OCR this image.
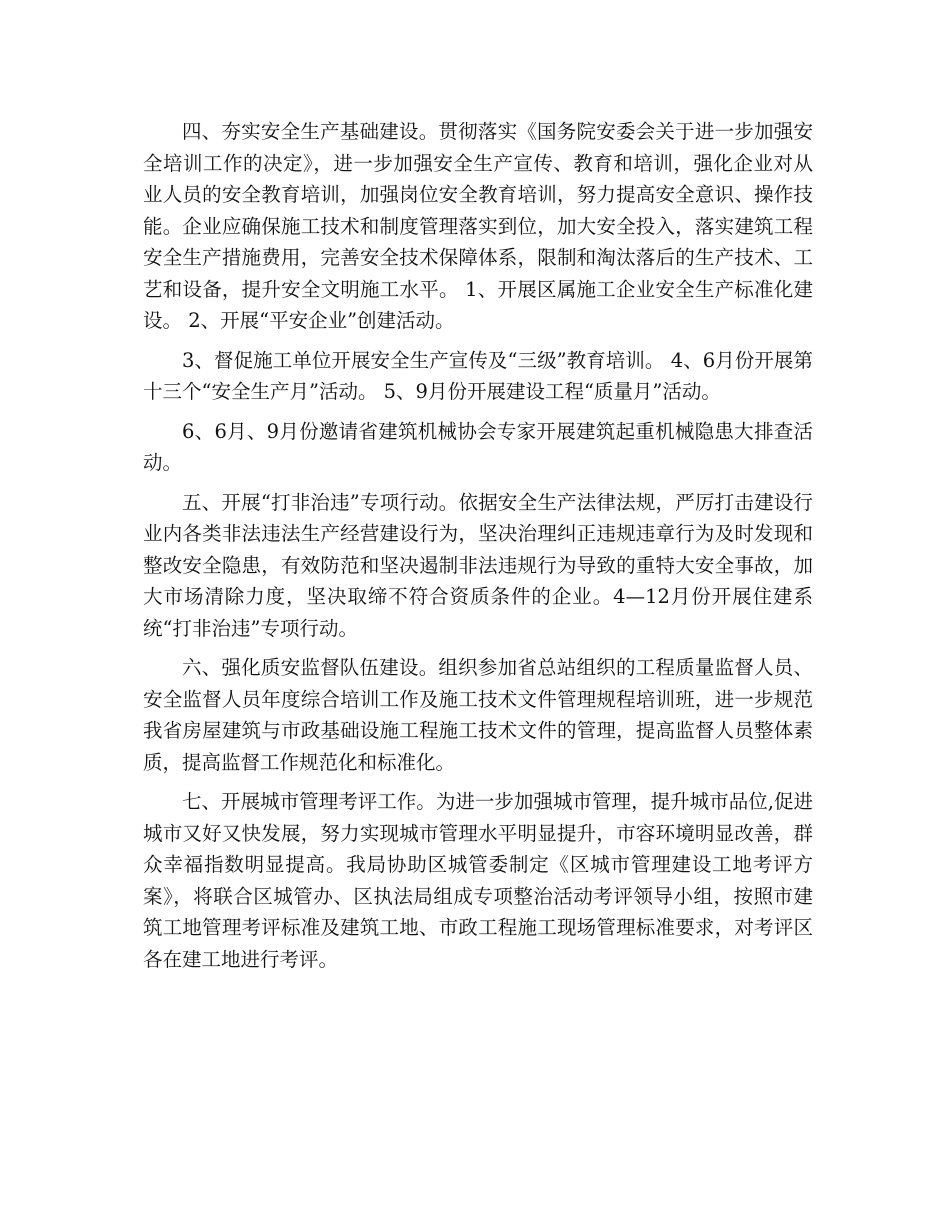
四、夯实安全生产基础建设。贯彻落实《国务院安委会关于进一步加强安全培训工作的决定》，进一步加强安全生产宣传、教育和培训，强化企业对从业人员的安全教育培训，加强岗位安全教育培训，努力提高安全意识、操作技能。企业应确保施工技术和制度管理落实到位，加大安全投入，落实建筑工程安全生产措施费用，完善安全技术保障体系，限制和淘汰落后的生产技术、工艺和设备，提升安全文明施工水平。 1、开展区属施工企业安全生产标准化建设。 2、开展“平安企业”创建活动。

3、督促施工单位开展安全生产宣传及“三级”教育培训。 4、6月份开展第十三个“安全生产月”活动。 5、9月份开展建设工程“质量月”活动。

6、6月、9月份邀请省建筑机械协会专家开展建筑起重机械隐患大排查活动。

五、开展“打非治违”专项行动。依据安全生产法律法规，严厉打击建设行业内各类非法违法生产经营建设行为，坚决治理纠正违规违章行为及时发现和整改安全隐患，有效防范和坚决遏制非法违规行为导致的重特大安全事故，加大市场清除力度，坚决取缔不符合资质条件的企业。4—12月份开展住建系统“打非治违”专项行动。

六、强化质安监督队伍建设。组织参加省总站组织的工程质量监督人员、安全监督人员年度综合培训工作及施工技术文件管理规程培训班，进一步规范我省房屋建筑与市政基础设施工程施工技术文件的管理，提高监督人员整体素质，提高监督工作规范化和标准化。

七、开展城市管理考评工作。为进一步加强城市管理，提升城市品位,促进城市又好又快发展，努力实现城市管理水平明显提升，市容环境明显改善，群众幸福指数明显提高。我局协助区城管委制定《区城市管理建设工地考评方案》，将联合区城管办、区执法局组成专项整治活动考评领导小组，按照市建筑工地管理考评标准及建筑工地、市政工程施工现场管理标准要求，对考评区各在建工地进行考评。
